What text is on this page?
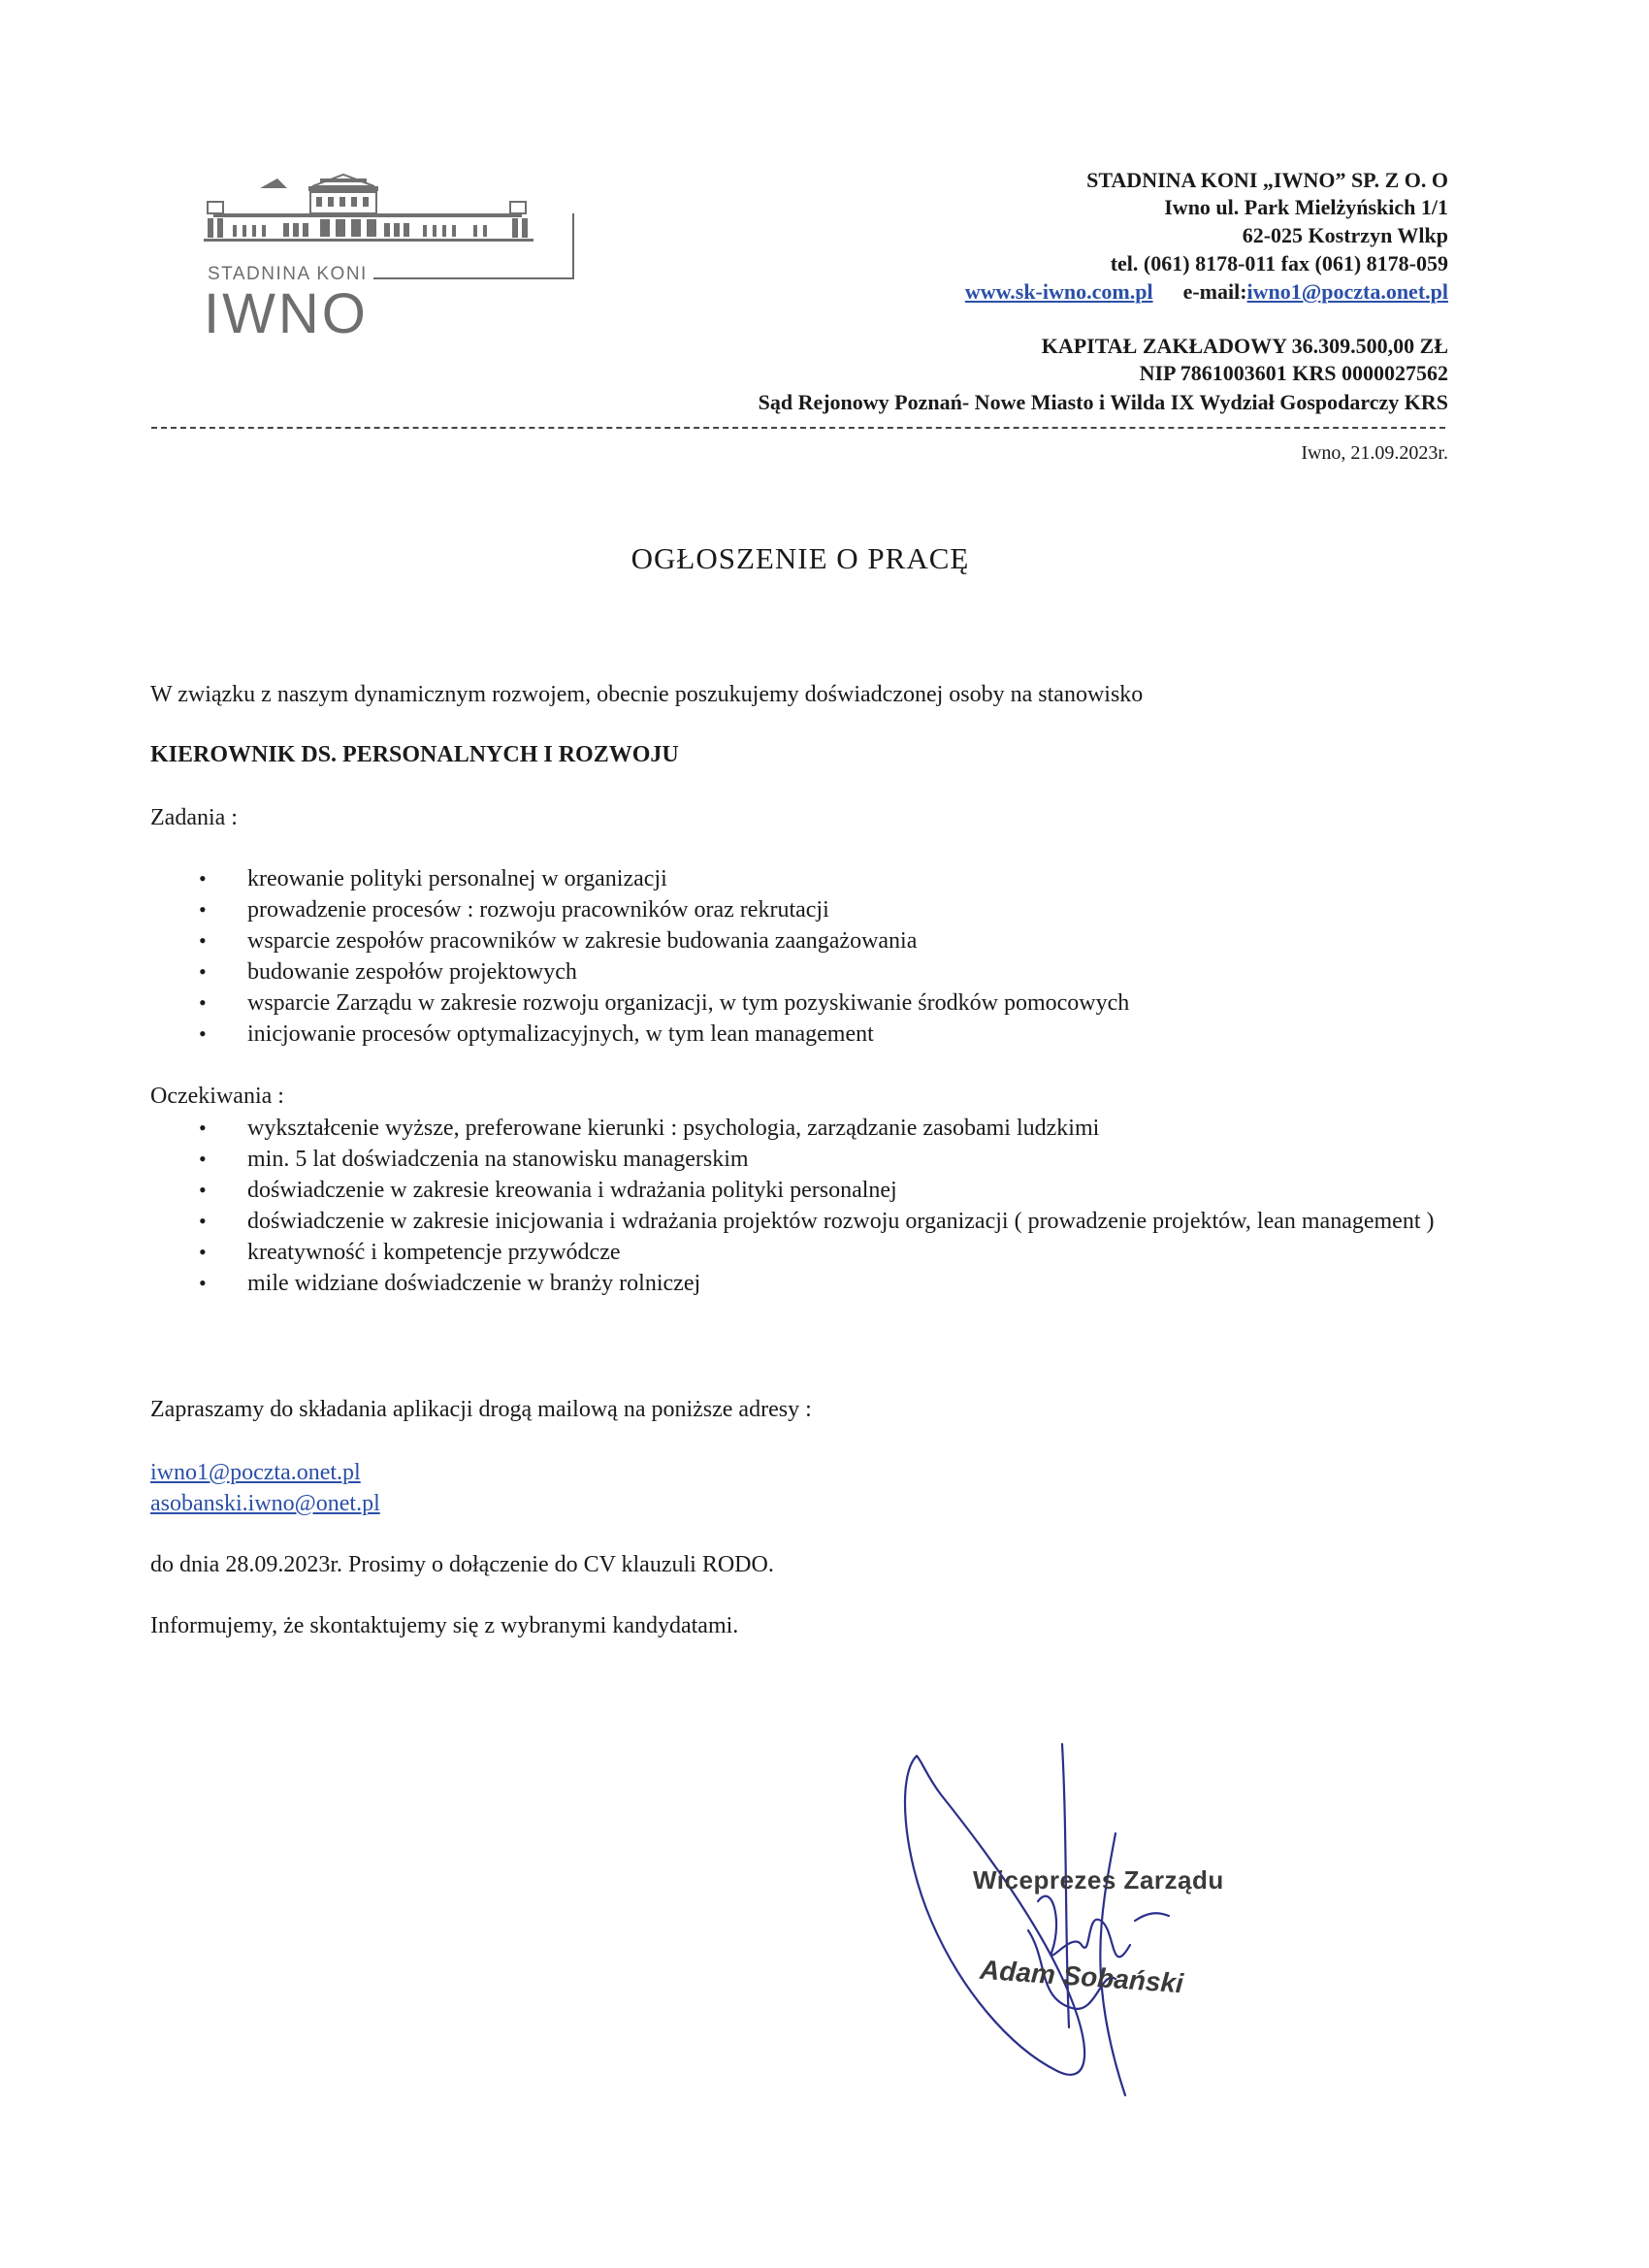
STADNINA KONI
IWNO
STADNINA KONI „IWNO” SP. Z O. O
Iwno ul. Park Mielżyńskich 1/1
62-025 Kostrzyn Wlkp
tel. (061) 8178-011 fax (061) 8178-059
www.sk-iwno.com.pl e-mail:iwno1@poczta.onet.pl
KAPITAŁ ZAKŁADOWY 36.309.500,00 ZŁ
NIP 7861003601 KRS 0000027562
Sąd Rejonowy Poznań- Nowe Miasto i Wilda IX Wydział Gospodarczy KRS
Iwno, 21.09.2023r.
OGŁOSZENIE O PRACĘ
W związku z naszym dynamicznym rozwojem, obecnie poszukujemy doświadczonej osoby na stanowisko
KIEROWNIK DS. PERSONALNYCH I ROZWOJU
Zadania :
• kreowanie polityki personalnej w organizacji
• prowadzenie procesów : rozwoju pracowników oraz rekrutacji
• wsparcie zespołów pracowników w zakresie budowania zaangażowania
• budowanie zespołów projektowych
• wsparcie Zarządu w zakresie rozwoju organizacji, w tym pozyskiwanie środków pomocowych
• inicjowanie procesów optymalizacyjnych, w tym lean management
Oczekiwania :
• wykształcenie wyższe, preferowane kierunki : psychologia, zarządzanie zasobami ludzkimi
• min. 5 lat doświadczenia na stanowisku managerskim
• doświadczenie w zakresie kreowania i wdrażania polityki personalnej
• doświadczenie w zakresie inicjowania i wdrażania projektów rozwoju organizacji ( prowadzenie projektów, lean management )
• kreatywność i kompetencje przywódcze
• mile widziane doświadczenie w branży rolniczej
Zapraszamy do składania aplikacji drogą mailową na poniższe adresy :
iwno1@poczta.onet.pl
asobanski.iwno@onet.pl
do dnia 28.09.2023r. Prosimy o dołączenie do CV klauzuli RODO.
Informujemy, że skontaktujemy się z wybranymi kandydatami.
Wiceprezes Zarządu
Adam Sobański
